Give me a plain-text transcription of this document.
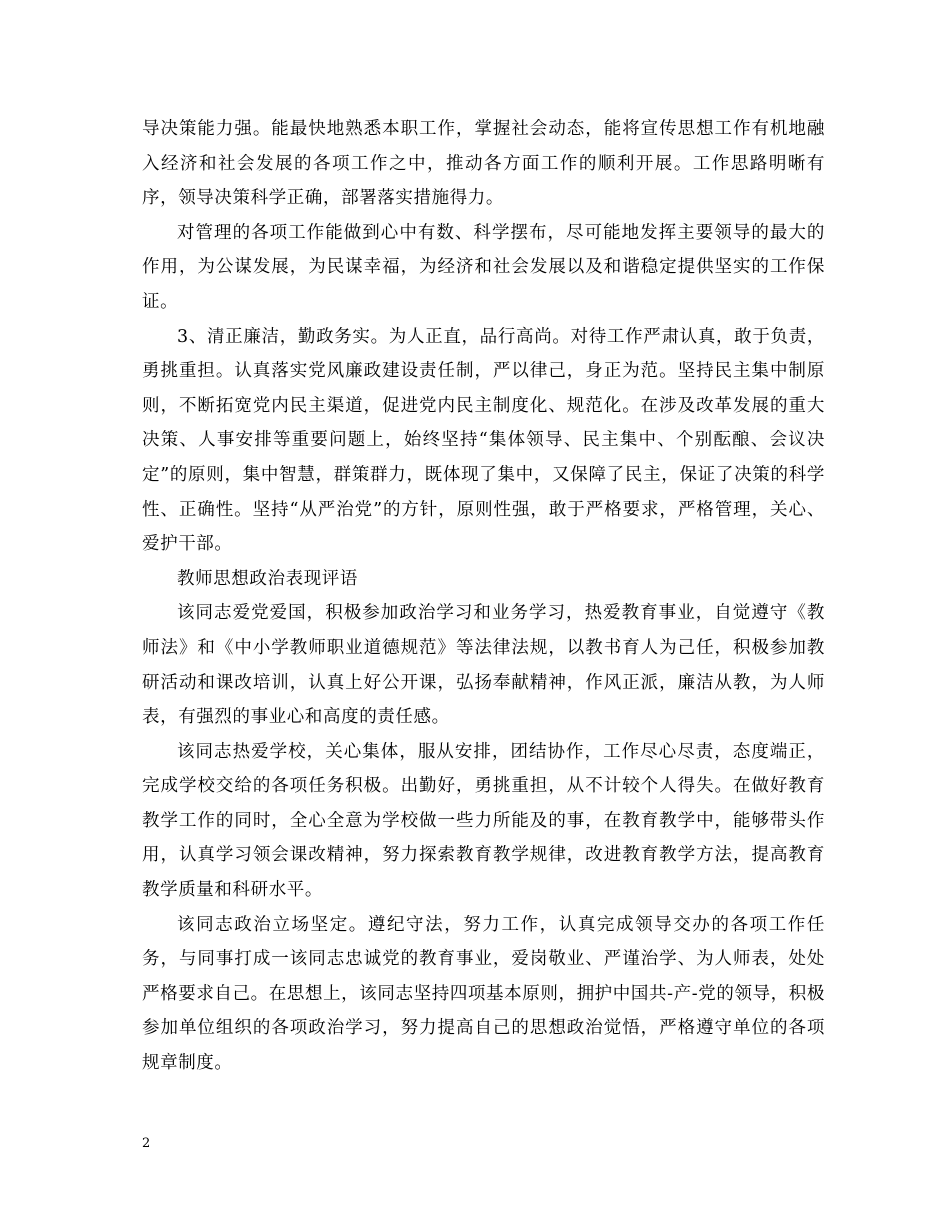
导决策能力强。能最快地熟悉本职工作，掌握社会动态，能将宣传思想工作有机地融入经济和社会发展的各项工作之中，推动各方面工作的顺利开展。工作思路明晰有序，领导决策科学正确，部署落实措施得力。

对管理的各项工作能做到心中有数、科学摆布，尽可能地发挥主要领导的最大的作用，为公谋发展，为民谋幸福，为经济和社会发展以及和谐稳定提供坚实的工作保证。

3、清正廉洁，勤政务实。为人正直，品行高尚。对待工作严肃认真，敢于负责，勇挑重担。认真落实党风廉政建设责任制，严以律己，身正为范。坚持民主集中制原则，不断拓宽党内民主渠道，促进党内民主制度化、规范化。在涉及改革发展的重大决策、人事安排等重要问题上，始终坚持“集体领导、民主集中、个别酝酿、会议决定”的原则，集中智慧，群策群力，既体现了集中，又保障了民主，保证了决策的科学性、正确性。坚持“从严治党”的方针，原则性强，敢于严格要求，严格管理，关心、爱护干部。

教师思想政治表现评语

该同志爱党爱国，积极参加政治学习和业务学习，热爱教育事业，自觉遵守《教师法》和《中小学教师职业道德规范》等法律法规，以教书育人为己任，积极参加教研活动和课改培训，认真上好公开课，弘扬奉献精神，作风正派，廉洁从教，为人师表，有强烈的事业心和高度的责任感。

该同志热爱学校，关心集体，服从安排，团结协作，工作尽心尽责，态度端正，完成学校交给的各项任务积极。出勤好，勇挑重担，从不计较个人得失。在做好教育教学工作的同时，全心全意为学校做一些力所能及的事，在教育教学中，能够带头作用，认真学习领会课改精神，努力探索教育教学规律，改进教育教学方法，提高教育教学质量和科研水平。

该同志政治立场坚定。遵纪守法，努力工作，认真完成领导交办的各项工作任务，与同事打成一该同志忠诚党的教育事业，爱岗敬业、严谨治学、为人师表，处处严格要求自己。在思想上，该同志坚持四项基本原则，拥护中国共-产-党的领导，积极参加单位组织的各项政治学习，努力提高自己的思想政治觉悟，严格遵守单位的各项规章制度。

2
